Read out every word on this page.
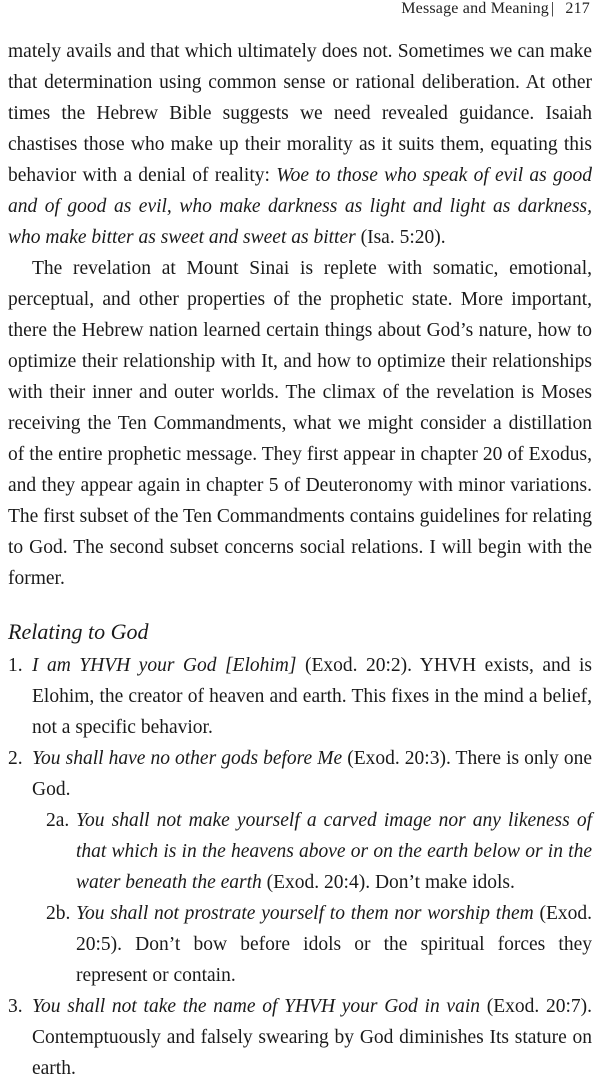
Message and Meaning | 217

mately avails and that which ultimately does not. Sometimes we can make that determination using common sense or rational deliberation. At other times the Hebrew Bible suggests we need revealed guidance. Isaiah chastises those who make up their morality as it suits them, equating this behavior with a denial of reality: Woe to those who speak of evil as good and of good as evil, who make darkness as light and light as darkness, who make bitter as sweet and sweet as bitter (Isa. 5:20).

The revelation at Mount Sinai is replete with somatic, emotional, perceptual, and other properties of the prophetic state. More important, there the Hebrew nation learned certain things about God’s nature, how to optimize their relationship with It, and how to optimize their relationships with their inner and outer worlds. The climax of the revelation is Moses receiving the Ten Commandments, what we might consider a distillation of the entire prophetic message. They first appear in chapter 20 of Exodus, and they appear again in chapter 5 of Deuteronomy with minor variations. The first subset of the Ten Commandments contains guidelines for relating to God. The second subset concerns social relations. I will begin with the former.

Relating to God
1. I am YHVH your God [Elohim] (Exod. 20:2). YHVH exists, and is Elohim, the creator of heaven and earth. This fixes in the mind a belief, not a specific behavior.
2. You shall have no other gods before Me (Exod. 20:3). There is only one God.
2a. You shall not make yourself a carved image nor any likeness of that which is in the heavens above or on the earth below or in the water beneath the earth (Exod. 20:4). Don’t make idols.
2b. You shall not prostrate yourself to them nor worship them (Exod. 20:5). Don’t bow before idols or the spiritual forces they represent or contain.
3. You shall not take the name of YHVH your God in vain (Exod. 20:7). Contemptuously and falsely swearing by God diminishes Its stature on earth.
